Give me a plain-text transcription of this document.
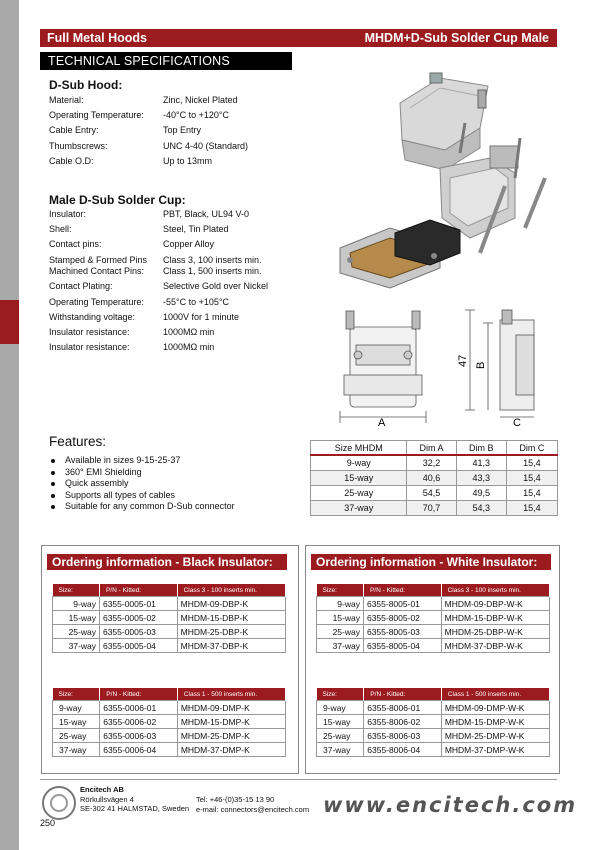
Full Metal Hoods	MHDM+D-Sub Solder Cup Male
TECHNICAL SPECIFICATIONS
D-Sub Hood:
Material:	Zinc, Nickel Plated
Operating Temperature: -40°C to +120°C
Cable Entry:	Top Entry
Thumbscrews:	UNC 4-40 (Standard)
Cable O.D:	Up to 13mm
Male D-Sub Solder Cup:
Insulator:	PBT, Black, UL94 V-0
Shell:	Steel, Tin Plated
Contact pins:	Copper Alloy
Stamped & Formed Pins Class 3, 100 inserts min.
Machined Contact Pins: Class 1, 500 inserts min.
Contact Plating:	Selective Gold over Nickel
Operating Temperature: -55°C to +105°C
Withstanding voltage:	1000V for 1 minute
Insulator resistance:	1000MΩ min
Insulator resistance:	1000MΩ min
A	C
47 B
Features:
Available in sizes 9-15-25-37
360° EMI Shielding
Quick assembly
Supports all types of cables
Suitable for any common D-Sub connector
Size MHDM	Dim A	Dim B	Dim C
9-way	32,2	41,3	15,4
15-way	40,6	43,3	15,4
25-way	54,5	49,5	15,4
37-way	70,7	54,3	15,4
Ordering information - Black Insulator:
Size:	P/N - Kitted:	Class 3 - 100 inserts min.
9-way	6355-0005-01	MHDM-09-DBP-K
15-way	6355-0005-02	MHDM-15-DBP-K
25-way	6355-0005-03	MHDM-25-DBP-K
37-way	6355-0005-04	MHDM-37-DBP-K
Size:	P/N - Kitted:	Class 1 - 500 inserts min.
9-way	6355-0006-01	MHDM-09-DMP-K
15-way	6355-0006-02	MHDM-15-DMP-K
25-way	6355-0006-03	MHDM-25-DMP-K
37-way	6355-0006-04	MHDM-37-DMP-K
Ordering information - White Insulator:
Size:	P/N - Kitted:	Class 3 - 100 inserts min.
9-way	6355-8005-01	MHDM-09-DBP-W-K
15-way	6355-8005-02	MHDM-15-DBP-W-K
25-way	6355-8005-03	MHDM-25-DBP-W-K
37-way	6355-8005-04	MHDM-37-DBP-W-K
Size:	P/N - Kitted:	Class 1 - 500 inserts min.
9-way	6355-8006-01	MHDM-09-DMP-W-K
15-way	6355-8006-02	MHDM-15-DMP-W-K
25-way	6355-8006-03	MHDM-25-DMP-W-K
37-way	6355-8006-04	MHDM-37-DMP-W-K
Encitech AB
Rörkullsvägen 4
SE-302 41 HALMSTAD, Sweden
Tel: +46-(0)35-15 13 90
e-mail: connectors@encitech.com www.encitech.com
250
